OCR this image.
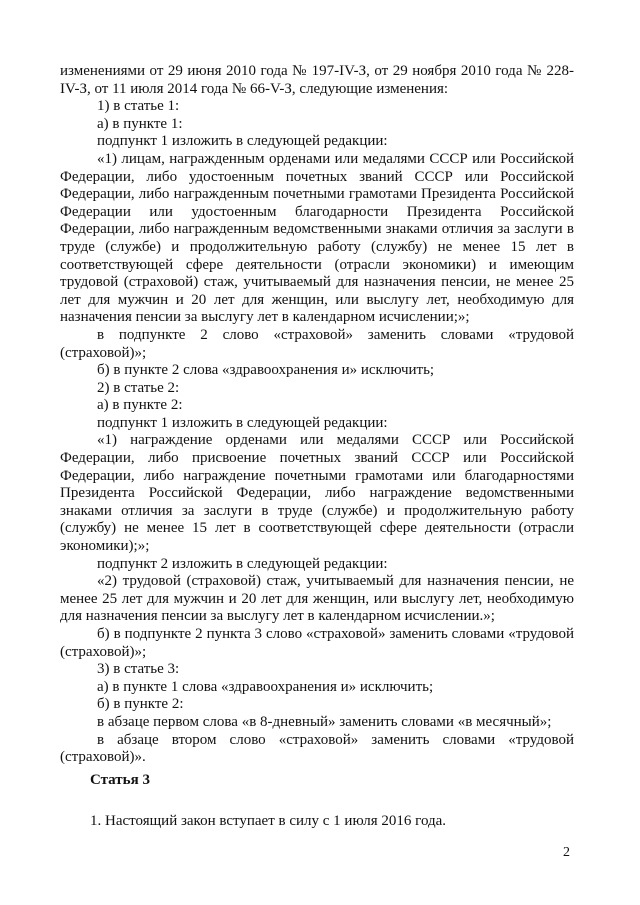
изменениями от 29 июня 2010 года № 197-IV-З, от 29 ноября 2010 года № 228-IV-З, от 11 июля 2014 года № 66-V-З, следующие изменения:

1) в статье 1:

а) в пункте 1:

подпункт 1 изложить в следующей редакции:

«1) лицам, награжденным орденами или медалями СССР или Российской Федерации, либо удостоенным почетных званий СССР или Российской Федерации, либо награжденным почетными грамотами Президента Российской Федерации или удостоенным благодарности Президента Российской Федерации, либо награжденным ведомственными знаками отличия за заслуги в труде (службе) и продолжительную работу (службу) не менее 15 лет в соответствующей сфере деятельности (отрасли экономики) и имеющим трудовой (страховой) стаж, учитываемый для назначения пенсии, не менее 25 лет для мужчин и 20 лет для женщин, или выслугу лет, необходимую для назначения пенсии за выслугу лет в календарном исчислении;»;

в подпункте 2 слово «страховой» заменить словами «трудовой (страховой)»;

б) в пункте 2 слова «здравоохранения и» исключить;

2) в статье 2:

а) в пункте 2:

подпункт 1 изложить в следующей редакции:

«1) награждение орденами или медалями СССР или Российской Федерации, либо присвоение почетных званий СССР или Российской Федерации, либо награждение почетными грамотами или благодарностями Президента Российской Федерации, либо награждение ведомственными знаками отличия за заслуги в труде (службе) и продолжительную работу (службу) не менее 15 лет в соответствующей сфере деятельности (отрасли экономики);»;

подпункт 2 изложить в следующей редакции:

«2) трудовой (страховой) стаж, учитываемый для назначения пенсии, не менее 25 лет для мужчин и 20 лет для женщин, или выслугу лет, необходимую для назначения пенсии за выслугу лет в календарном исчислении.»;

б) в подпункте 2 пункта 3 слово «страховой» заменить словами «трудовой (страховой)»;

3) в статье 3:

а) в пункте 1 слова «здравоохранения и» исключить;

б) в пункте 2:

в абзаце первом слова «в 8-дневный» заменить словами «в месячный»;

в абзаце втором слово «страховой» заменить словами «трудовой (страховой)».

Статья 3

1. Настоящий закон вступает в силу с 1 июля 2016 года.

2
